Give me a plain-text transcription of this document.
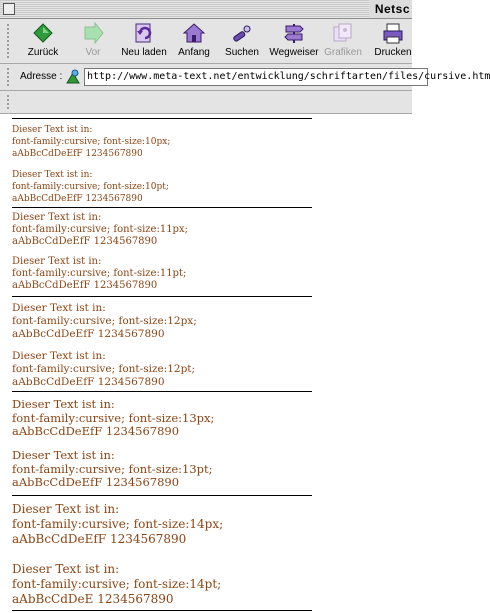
Netsc
Zurück	Vor	Neu laden	Anfang	Suchen	Wegweiser Grafiken	Drucken
Adresse :	http://www.meta-text.net/entwicklung/schriftarten/files/cursive.htm
Dieser Text ist in:
font-family:cursive; font-size:10px;
aAbBcCdDeEfF 1234567890
Dieser Text ist in:
font-family:cursive; font-size:10pt;
aAbBcCdDeEfF 1234567890
Dieser Text ist in:
font-family:cursive; font-size:11px;
aAbBcCdDeEfF 1234567890
Dieser Text ist in:
font-family:cursive; font-size:11pt;
aAbBcCdDeEfF 1234567890
Dieser Text ist in:
font-family:cursive; font-size:12px;
aAbBcCdDeEfF 1234567890
Dieser Text ist in:
font-family:cursive; font-size:12pt;
aAbBcCdDeEfF 1234567890
Dieser Text ist in:
font-family:cursive; font-size:13px;
aAbBcCdDeEfF 1234567890
Dieser Text ist in:
font-family:cursive; font-size:13pt;
aAbBcCdDeEfF 1234567890
Dieser Text ist in:
font-family:cursive; font-size:14px;
aAbBcCdDeEfF 1234567890
Dieser Text ist in:
font-family:cursive; font-size:14pt;
aAbBcCdDeE 1234567890
